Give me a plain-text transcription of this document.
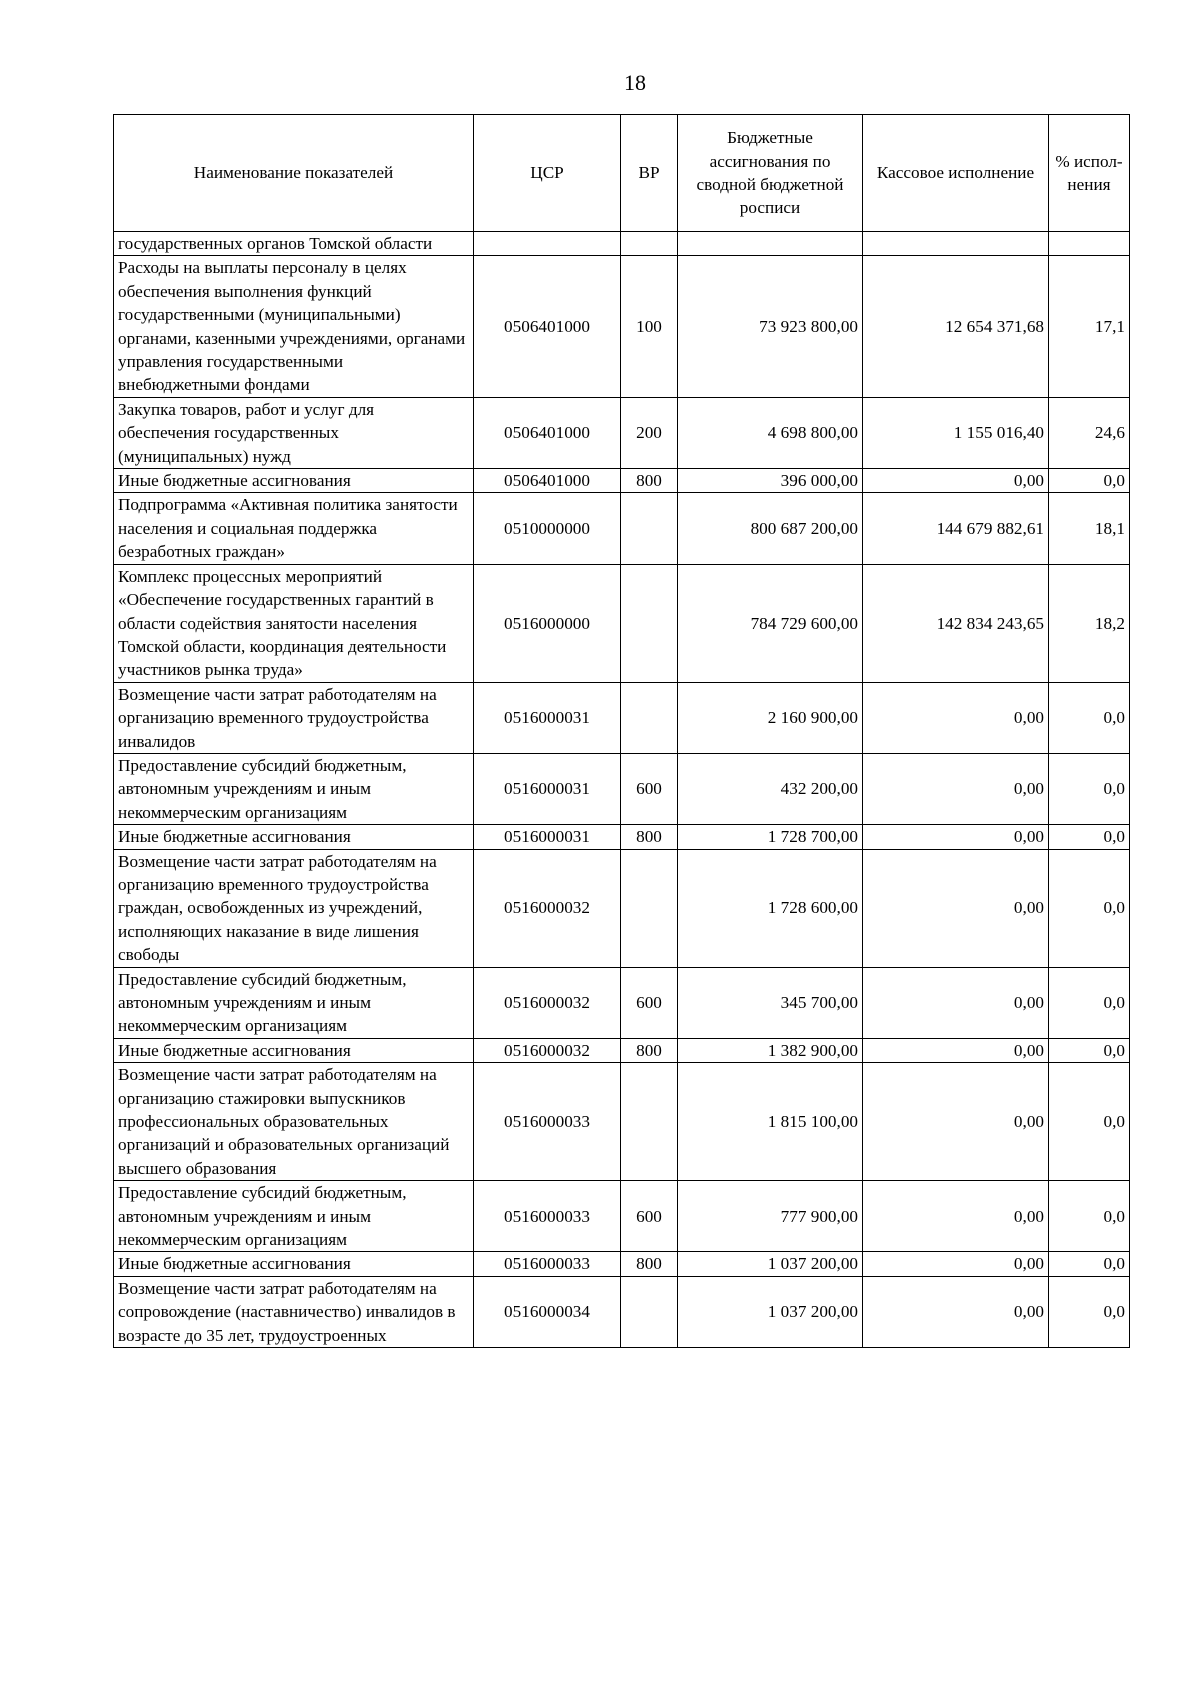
18
Наименование показателей	ЦСР	ВР	Бюджетные ассигнования по сводной бюджетной росписи	Кассовое исполнение	% испол-нения
государственных органов Томской области					
Расходы на выплаты персоналу в целях обеспечения выполнения функций государственными (муниципальными) органами, казенными учреждениями, органами управления государственными внебюджетными фондами	0506401000	100	73 923 800,00	12 654 371,68	17,1
Закупка товаров, работ и услуг для обеспечения государственных (муниципальных) нужд	0506401000	200	4 698 800,00	1 155 016,40	24,6
Иные бюджетные ассигнования	0506401000	800	396 000,00	0,00	0,0
Подпрограмма «Активная политика занятости населения и социальная поддержка безработных граждан»	0510000000		800 687 200,00	144 679 882,61	18,1
Комплекс процессных мероприятий «Обеспечение государственных гарантий в области содействия занятости населения Томской области, координация деятельности участников рынка труда»	0516000000		784 729 600,00	142 834 243,65	18,2
Возмещение части затрат работодателям на организацию временного трудоустройства инвалидов	0516000031		2 160 900,00	0,00	0,0
Предоставление субсидий бюджетным, автономным учреждениям и иным некоммерческим организациям	0516000031	600	432 200,00	0,00	0,0
Иные бюджетные ассигнования	0516000031	800	1 728 700,00	0,00	0,0
Возмещение части затрат работодателям на организацию временного трудоустройства граждан, освобожденных из учреждений, исполняющих наказание в виде лишения свободы	0516000032		1 728 600,00	0,00	0,0
Предоставление субсидий бюджетным, автономным учреждениям и иным некоммерческим организациям	0516000032	600	345 700,00	0,00	0,0
Иные бюджетные ассигнования	0516000032	800	1 382 900,00	0,00	0,0
Возмещение части затрат работодателям на организацию стажировки выпускников профессиональных образовательных организаций и образовательных организаций высшего образования	0516000033		1 815 100,00	0,00	0,0
Предоставление субсидий бюджетным, автономным учреждениям и иным некоммерческим организациям	0516000033	600	777 900,00	0,00	0,0
Иные бюджетные ассигнования	0516000033	800	1 037 200,00	0,00	0,0
Возмещение части затрат работодателям на сопровождение (наставничество) инвалидов в возрасте до 35 лет, трудоустроенных	0516000034		1 037 200,00	0,00	0,0
